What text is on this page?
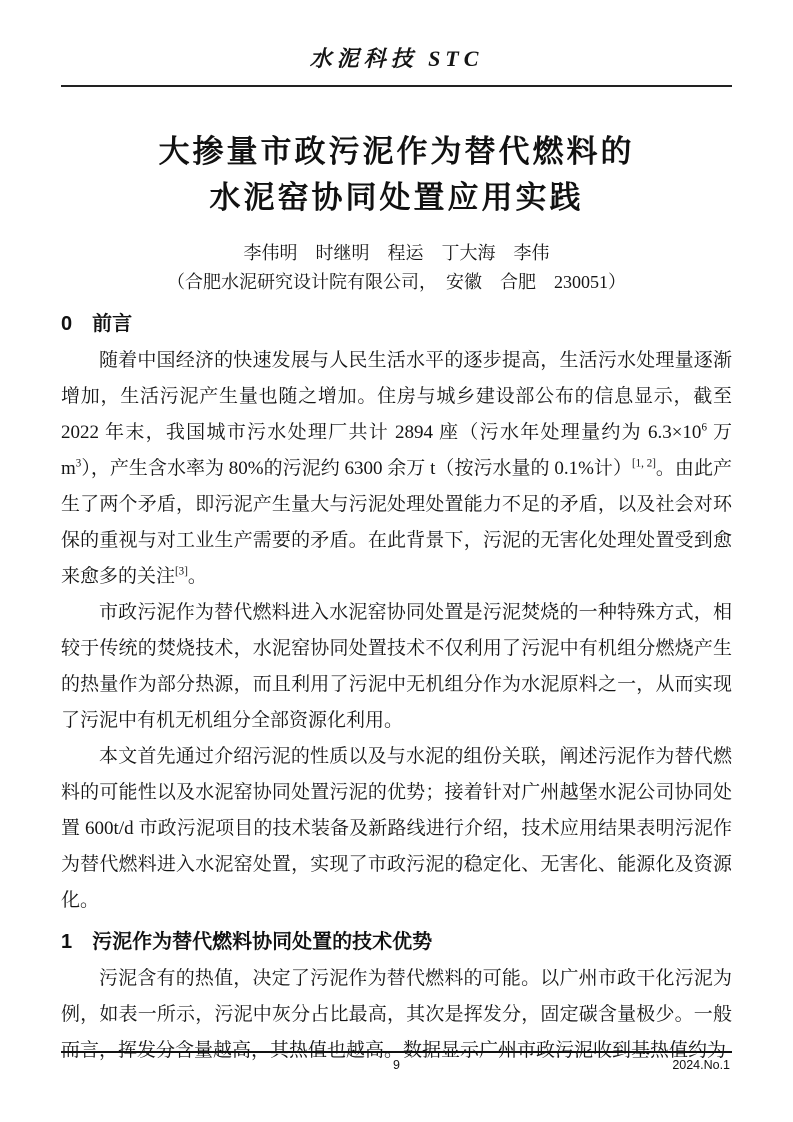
水泥科技 STC
大掺量市政污泥作为替代燃料的
水泥窑协同处置应用实践
李伟明　时继明　程运　丁大海　李伟
（合肥水泥研究设计院有限公司，　安徽　合肥　230051）
0 前言

随着中国经济的快速发展与人民生活水平的逐步提高，生活污水处理量逐渐增加，生活污泥产生量也随之增加。住房与城乡建设部公布的信息显示，截至 2022 年末，我国城市污水处理厂共计 2894 座（污水年处理量约为 $6.3\times 10^6$ 万 $m^3$），产生含水率为 80%的污泥约 6300 余万 t（按污水量的 0.1%计）[1, 2]。由此产生了两个矛盾，即污泥产生量大与污泥处理处置能力不足的矛盾，以及社会对环保的重视与对工业生产需要的矛盾。在此背景下，污泥的无害化处理处置受到愈来愈多的关注[3]。

市政污泥作为替代燃料进入水泥窑协同处置是污泥焚烧的一种特殊方式，相较于传统的焚烧技术，水泥窑协同处置技术不仅利用了污泥中有机组分燃烧产生的热量作为部分热源，而且利用了污泥中无机组分作为水泥原料之一，从而实现了污泥中有机无机组分全部资源化利用。

本文首先通过介绍污泥的性质以及与水泥的组份关联，阐述污泥作为替代燃料的可能性以及水泥窑协同处置污泥的优势；接着针对广州越堡水泥公司协同处置 600t/d 市政污泥项目的技术装备及新路线进行介绍，技术应用结果表明污泥作为替代燃料进入水泥窑处置，实现了市政污泥的稳定化、无害化、能源化及资源化。

1 污泥作为替代燃料协同处置的技术优势

污泥含有的热值，决定了污泥作为替代燃料的可能。以广州市政干化污泥为例，如表一所示，污泥中灰分占比最高，其次是挥发分，固定碳含量极少。一般而言，挥发分含量越高，其热值也越高。数据显示广州市政污泥收到基热值约为

9	2024.No.1
